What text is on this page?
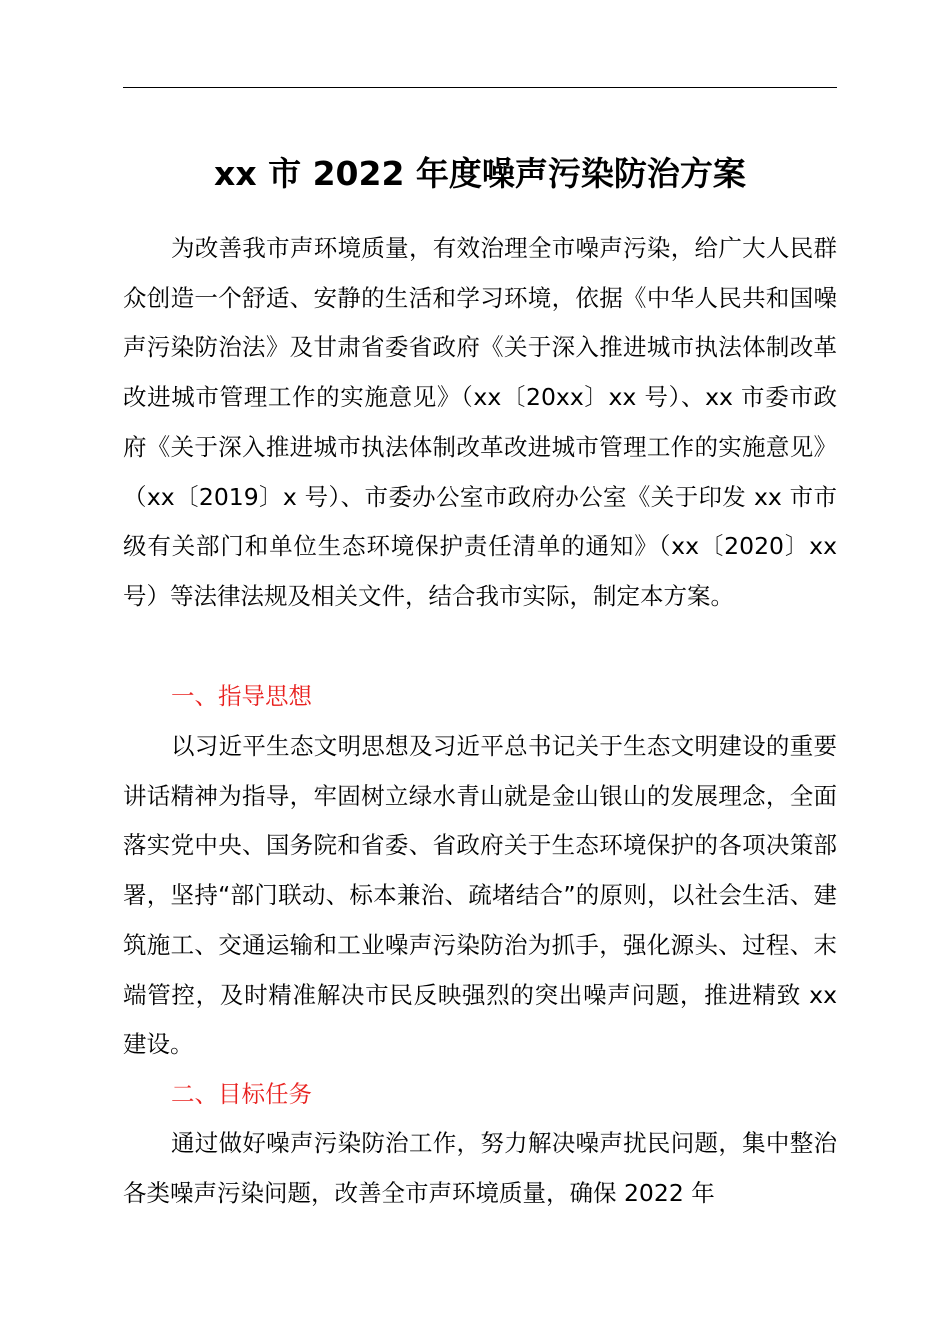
xx 市 2022 年度噪声污染防治方案

为改善我市声环境质量，有效治理全市噪声污染，给广大人民群众创造一个舒适、安静的生活和学习环境，依据《中华人民共和国噪声污染防治法》及甘肃省委省政府《关于深入推进城市执法体制改革改进城市管理工作的实施意见》（xx〔20xx〕xx 号）、xx 市委市政府《关于深入推进城市执法体制改革改进城市管理工作的实施意见》（xx〔2019〕x 号）、市委办公室市政府办公室《关于印发 xx 市市级有关部门和单位生态环境保护责任清单的通知》（xx〔2020〕xx 号）等法律法规及相关文件，结合我市实际，制定本方案。

一、指导思想

以习近平生态文明思想及习近平总书记关于生态文明建设的重要讲话精神为指导，牢固树立绿水青山就是金山银山的发展理念，全面落实党中央、国务院和省委、省政府关于生态环境保护的各项决策部署，坚持“部门联动、标本兼治、疏堵结合”的原则，以社会生活、建筑施工、交通运输和工业噪声污染防治为抓手，强化源头、过程、末端管控，及时精准解决市民反映强烈的突出噪声问题，推进精致 xx 建设。

二、目标任务

通过做好噪声污染防治工作，努力解决噪声扰民问题，集中整治各类噪声污染问题，改善全市声环境质量，确保 2022 年
